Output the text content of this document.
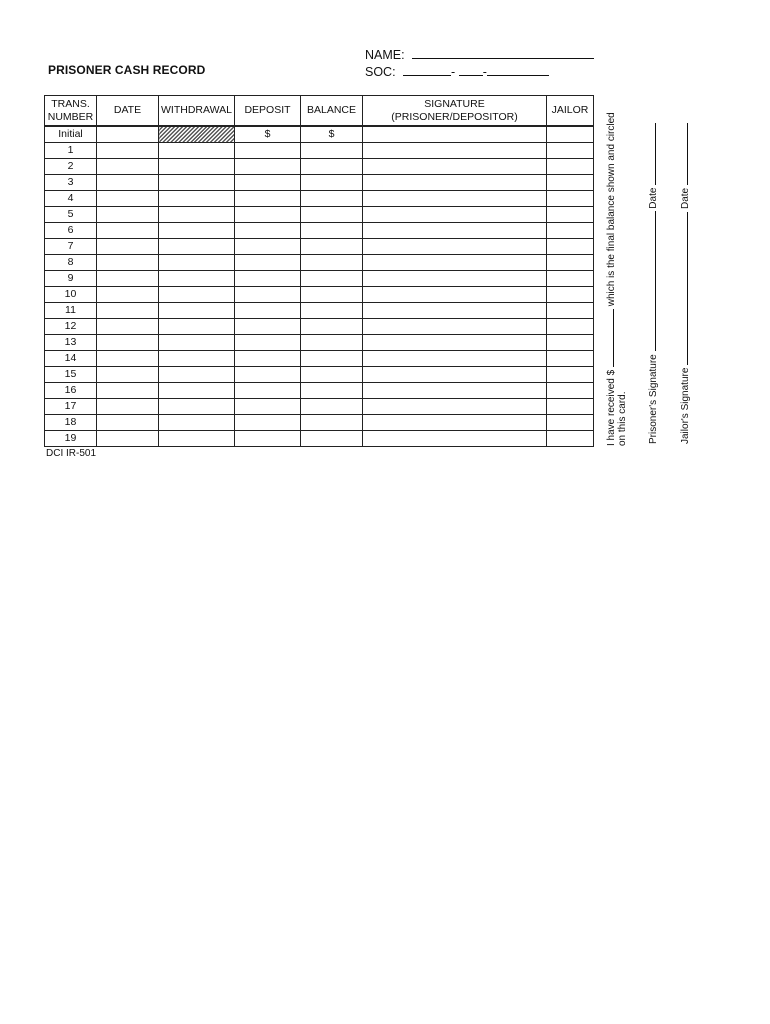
PRISONER CASH RECORD
NAME:
SOC:	- -
TRANS.
NUMBER	DATE	WITHDRAWAL	DEPOSIT	BALANCE	SIGNATURE (PRISONER/DEPOSITOR)	JAILOR
Initial			$	$		
1						
2						
3						
4						
5						
6						
7						
8						
9						
10						
11						
12						
13						
14						
15						
16						
17						
18						
19						
DCI IR-501
I have received $  which is the final balance shown and circled
on this card.	Prisoner's Signature  Date
Jailor's Signature  Date
